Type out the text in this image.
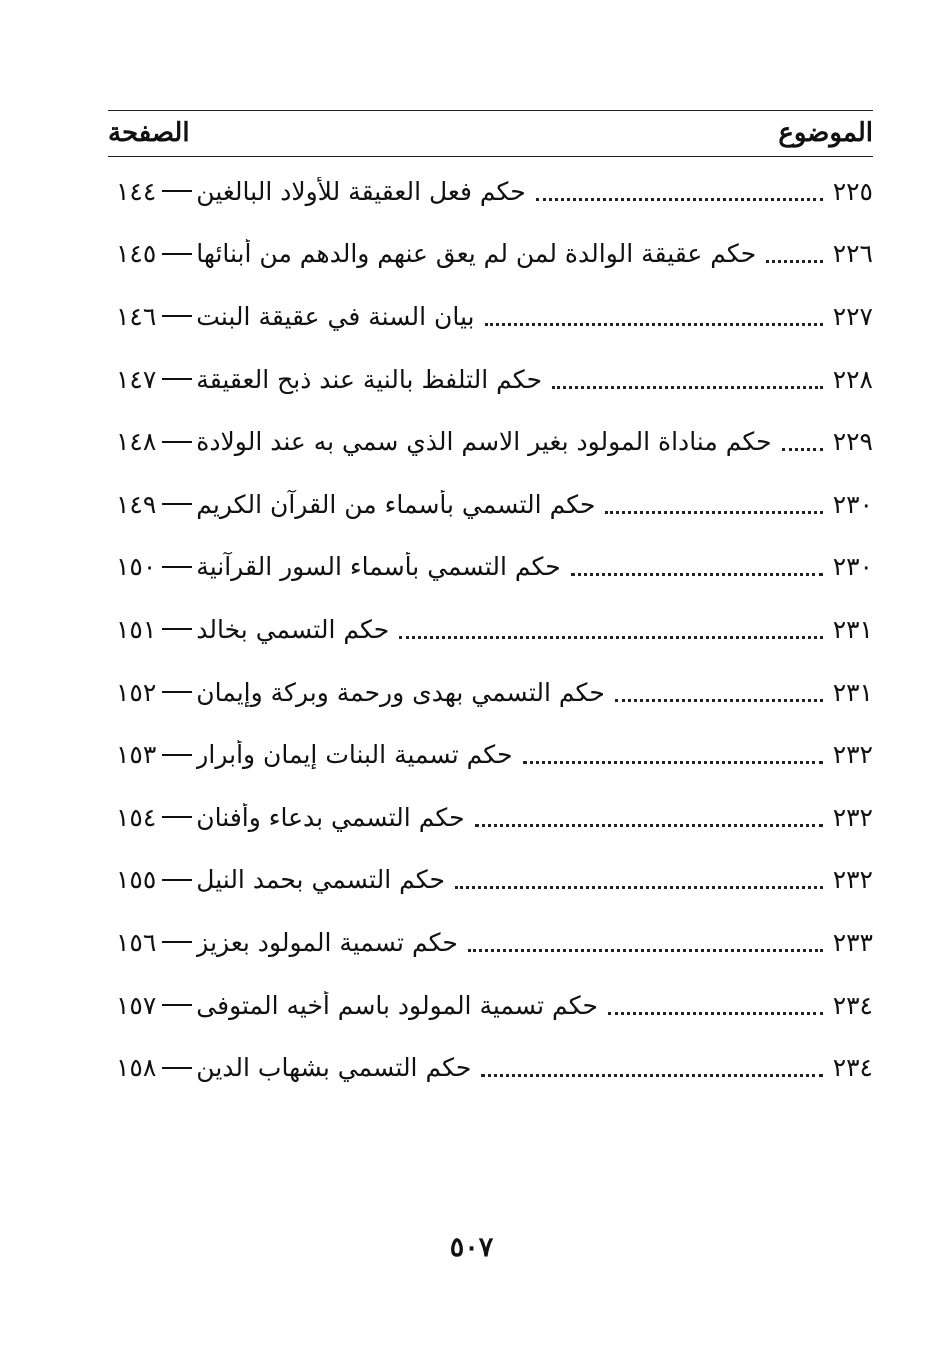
الموضوع
الصفحة
١٤٤ حكم فعل العقيقة للأولاد البالغين	٢٢٥
١٤٥ حكم عقيقة الوالدة لمن لم يعق عنهم والدهم من أبنائها	٢٢٦
١٤٦ بيان السنة في عقيقة البنت	٢٢٧
١٤٧ حكم التلفظ بالنية عند ذبح العقيقة	٢٢٨
١٤٨ حكم مناداة المولود بغير الاسم الذي سمي به عند الولادة ٢٢٩
١٤٩ حكم التسمي بأسماء من القرآن الكريم	٢٣٠
١٥٠ حكم التسمي بأسماء السور القرآنية	٢٣٠
١٥١ حكم التسمي بخالد	٢٣١
١٥٢ حكم التسمي بهدى ورحمة وبركة وإيمان	٢٣١
١٥٣ حكم تسمية البنات إيمان وأبرار	٢٣٢
١٥٤ حكم التسمي بدعاء وأفنان	٢٣٢
١٥٥ حكم التسمي بحمد النيل	٢٣٢
١٥٦ حكم تسمية المولود بعزيز	٢٣٣
١٥٧ حكم تسمية المولود باسم أخيه المتوفى	٢٣٤
١٥٨ حكم التسمي بشهاب الدين	٢٣٤
٥٠٧
